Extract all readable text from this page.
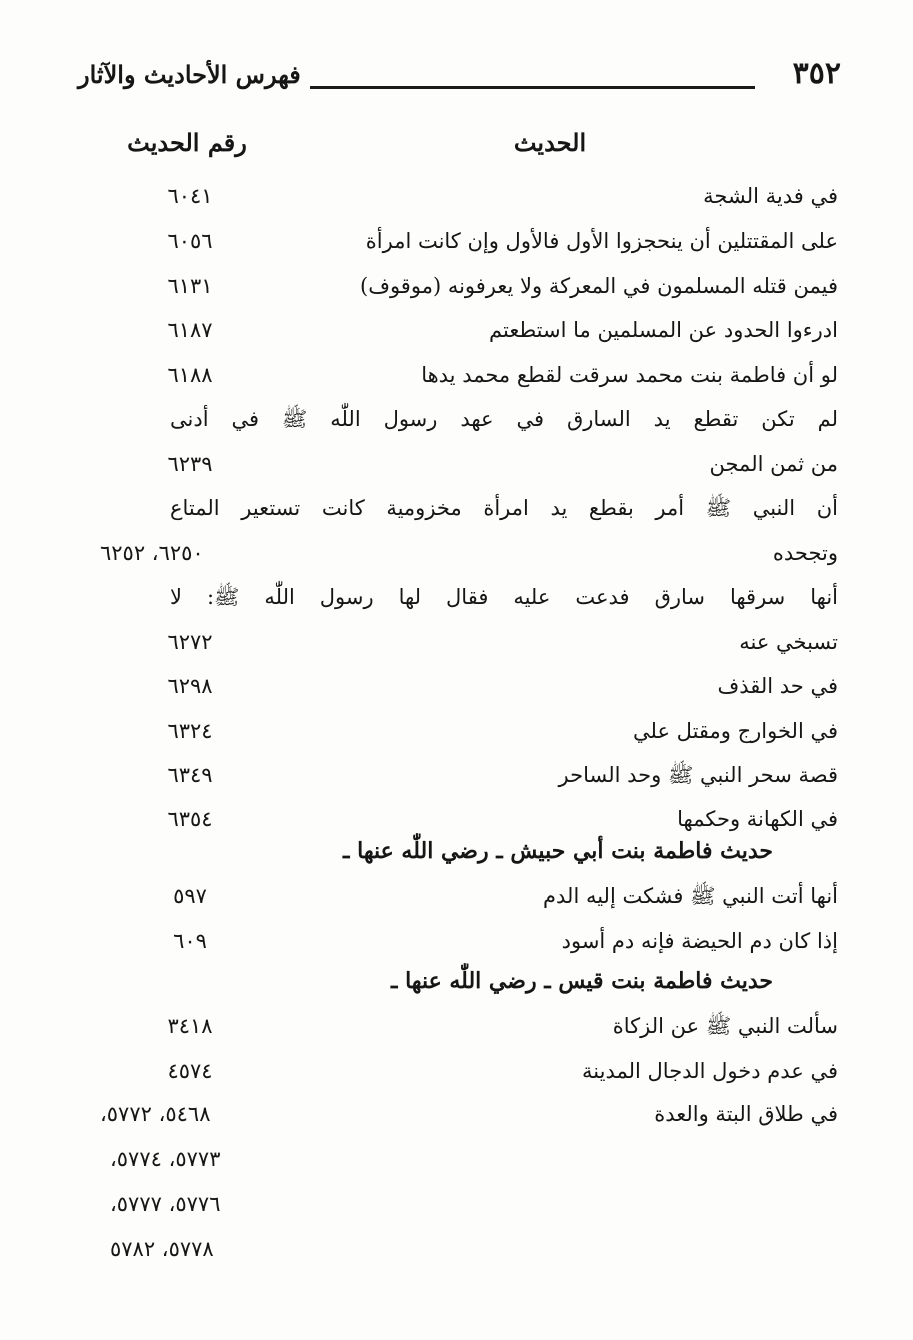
٣٥٢
فهرس الأحاديث والآثار
الحديث
رقم الحديث
في فدية الشجة
٦٠٤١
على المقتتلين أن ينحجزوا الأول فالأول وإن كانت امرأة
٦٠٥٦
فيمن قتله المسلمون في المعركة ولا يعرفونه (موقوف)
٦١٣١
ادرءوا الحدود عن المسلمين ما استطعتم
٦١٨٧
لو أن فاطمة بنت محمد سرقت لقطع محمد يدها
٦١٨٨
لم تكن تقطع يد السارق في عهد رسول اللّٰه ﷺ في أدنى
من ثمن المجن
٦٢٣٩
أن النبي ﷺ أمر بقطع يد امرأة مخزومية كانت تستعير المتاع
وتجحده
٦٢٥٠، ٦٢٥٢
أنها سرقها سارق فدعت عليه فقال لها رسول اللّٰه ﷺ: لا
تسبخي عنه
٦٢٧٢
في حد القذف
٦٢٩٨
في الخوارج ومقتل علي
٦٣٢٤
قصة سحر النبي ﷺ وحد الساحر
٦٣٤٩
في الكهانة وحكمها
٦٣٥٤
حديث فاطمة بنت أبي حبيش ـ رضي اللّٰه عنها ـ
أنها أتت النبي ﷺ فشكت إليه الدم
٥٩٧
إذا كان دم الحيضة فإنه دم أسود
٦٠٩
حديث فاطمة بنت قيس ـ رضي اللّٰه عنها ـ
سألت النبي ﷺ عن الزكاة
٣٤١٨
في عدم دخول الدجال المدينة
٤٥٧٤
في طلاق البتة والعدة
٥٤٦٨، ٥٧٧٢،
٥٧٧٣، ٥٧٧٤،
٥٧٧٦، ٥٧٧٧،
٥٧٧٨، ٥٧٨٢
